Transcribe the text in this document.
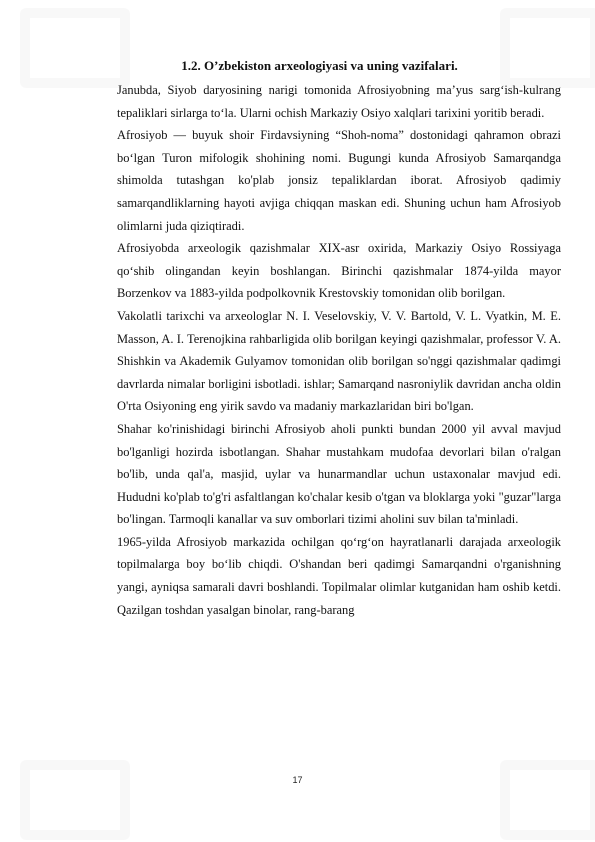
1.2. O’zbekiston arxeologiyasi va uning vazifalari.

Janubda, Siyob daryosining narigi tomonida Afrosiyobning ma’yus sarg‘ish-kulrang tepaliklari sirlarga to‘la. Ularni ochish Markaziy Osiyo xalqlari tarixini yoritib beradi.

Afrosiyob — buyuk shoir Firdavsiyning “Shoh-noma” dostonidagi qahramon obrazi bo‘lgan Turon mifologik shohining nomi. Bugungi kunda Afrosiyob Samarqandga shimolda tutashgan ko'plab jonsiz tepaliklardan iborat. Afrosiyob qadimiy samarqandliklarning hayoti avjiga chiqqan maskan edi. Shuning uchun ham Afrosiyob olimlarni juda qiziqtiradi.

Afrosiyobda arxeologik qazishmalar XIX-asr oxirida, Markaziy Osiyo Rossiyaga qo‘shib olingandan keyin boshlangan. Birinchi qazishmalar 1874-yilda mayor Borzenkov va 1883-yilda podpolkovnik Krestovskiy tomonidan olib borilgan.

Vakolatli tarixchi va arxeologlar N. I. Veselovskiy, V. V. Bartold, V. L. Vyatkin, M. E. Masson, A. I. Terenojkina rahbarligida olib borilgan keyingi qazishmalar, professor V. A. Shishkin va Akademik Gulyamov tomonidan olib borilgan so'nggi qazishmalar qadimgi davrlarda nimalar borligini isbotladi. ishlar; Samarqand nasroniylik davridan ancha oldin O'rta Osiyoning eng yirik savdo va madaniy markazlaridan biri bo'lgan.

Shahar ko'rinishidagi birinchi Afrosiyob aholi punkti bundan 2000 yil avval mavjud bo'lganligi hozirda isbotlangan. Shahar mustahkam mudofaa devorlari bilan o'ralgan bo'lib, unda qal'a, masjid, uylar va hunarmandlar uchun ustaxonalar mavjud edi. Hududni ko'plab to'g'ri asfaltlangan ko'chalar kesib o'tgan va bloklarga yoki "guzar"larga bo'lingan. Tarmoqli kanallar va suv omborlari tizimi aholini suv bilan ta'minladi.

1965-yilda Afrosiyob markazida ochilgan qo‘rg‘on hayratlanarli darajada arxeologik topilmalarga boy bo‘lib chiqdi. O'shandan beri qadimgi Samarqandni o'rganishning yangi, ayniqsa samarali davri boshlandi. Topilmalar olimlar kutganidan ham oshib ketdi. Qazilgan toshdan yasalgan binolar, rang-barang

17
